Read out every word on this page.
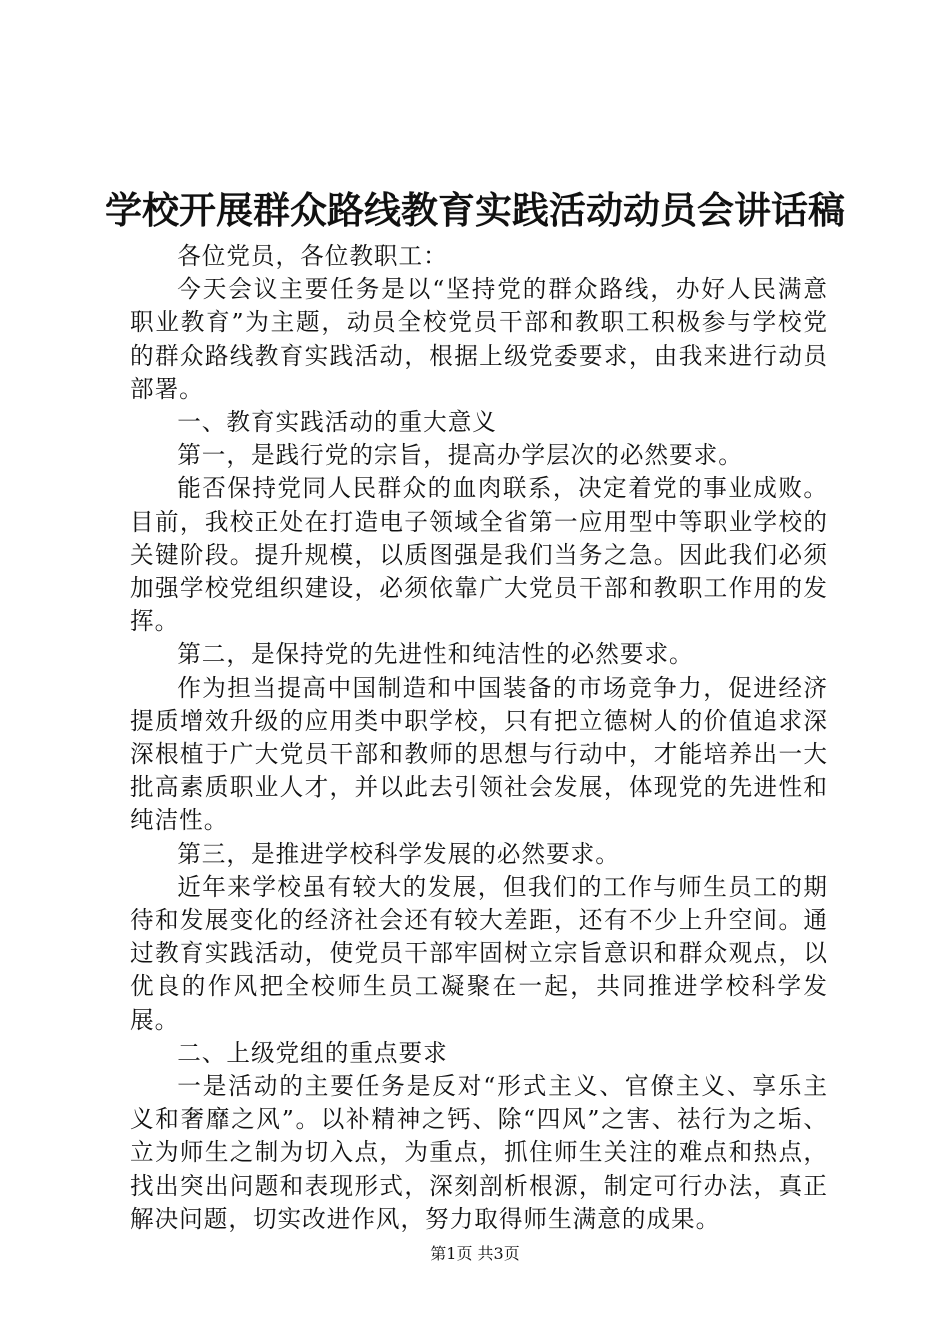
学校开展群众路线教育实践活动动员会讲话稿

各位党员，各位教职工：

今天会议主要任务是以“坚持党的群众路线，办好人民满意职业教育”为主题，动员全校党员干部和教职工积极参与学校党的群众路线教育实践活动，根据上级党委要求，由我来进行动员部署。

一、教育实践活动的重大意义

第一，是践行党的宗旨，提高办学层次的必然要求。

能否保持党同人民群众的血肉联系，决定着党的事业成败。目前，我校正处在打造电子领域全省第一应用型中等职业学校的关键阶段。提升规模，以质图强是我们当务之急。因此我们必须加强学校党组织建设，必须依靠广大党员干部和教职工作用的发挥。

第二，是保持党的先进性和纯洁性的必然要求。

作为担当提高中国制造和中国装备的市场竞争力，促进经济提质增效升级的应用类中职学校，只有把立德树人的价值追求深深根植于广大党员干部和教师的思想与行动中，才能培养出一大批高素质职业人才，并以此去引领社会发展，体现党的先进性和纯洁性。

第三，是推进学校科学发展的必然要求。

近年来学校虽有较大的发展，但我们的工作与师生员工的期待和发展变化的经济社会还有较大差距，还有不少上升空间。通过教育实践活动，使党员干部牢固树立宗旨意识和群众观点，以优良的作风把全校师生员工凝聚在一起，共同推进学校科学发展。

二、上级党组的重点要求

一是活动的主要任务是反对“形式主义、官僚主义、享乐主义和奢靡之风”。以补精神之钙、除“四风”之害、祛行为之垢、立为师生之制为切入点，为重点，抓住师生关注的难点和热点，找出突出问题和表现形式，深刻剖析根源，制定可行办法，真正解决问题，切实改进作风，努力取得师生满意的成果。

第1页 共3页
